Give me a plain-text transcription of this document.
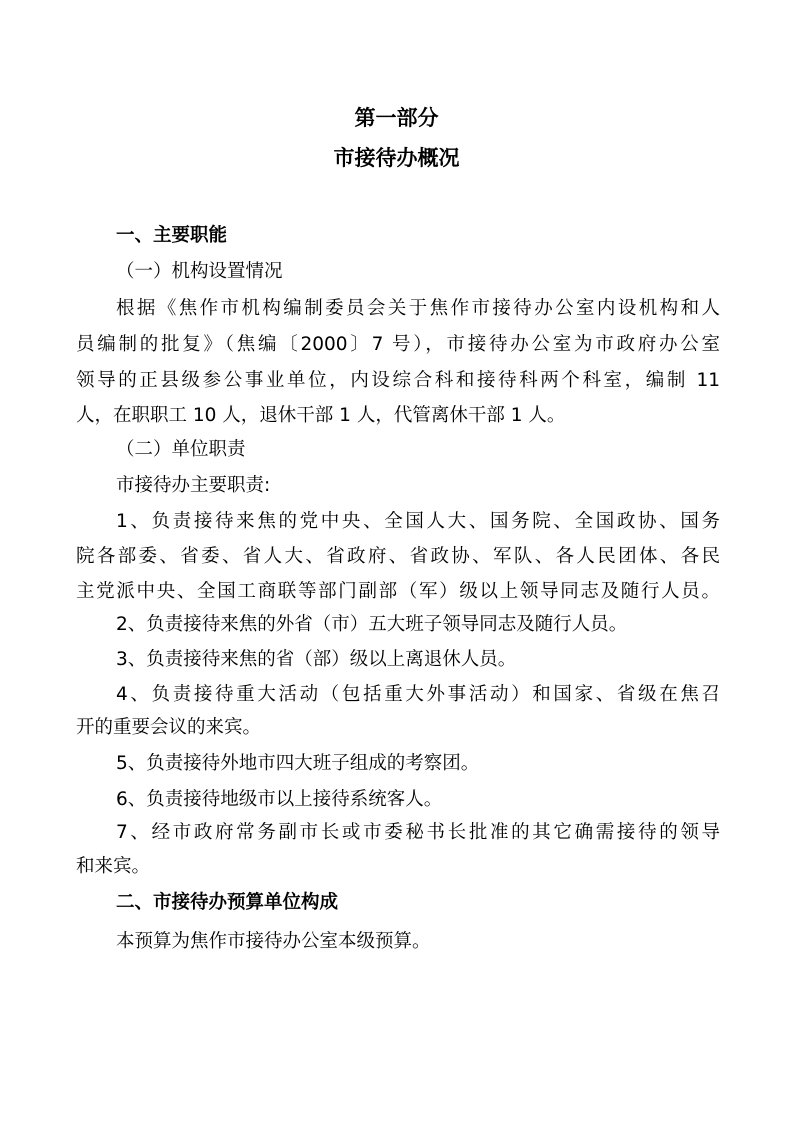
第一部分
市接待办概况

一、主要职能

（一）机构设置情况

根据《焦作市机构编制委员会关于焦作市接待办公室内设机构和人

员编制的批复》（焦编〔2000〕7 号），市接待办公室为市政府办公室

领导的正县级参公事业单位，内设综合科和接待科两个科室，编制 11

人，在职职工 10 人，退休干部 1 人，代管离休干部 1 人。

（二）单位职责

市接待办主要职责:

1、负责接待来焦的党中央、全国人大、国务院、全国政协、国务

院各部委、省委、省人大、省政府、省政协、军队、各人民团体、各民

主党派中央、全国工商联等部门副部（军）级以上领导同志及随行人员。

2、负责接待来焦的外省（市）五大班子领导同志及随行人员。

3、负责接待来焦的省（部）级以上离退休人员。

4、负责接待重大活动（包括重大外事活动）和国家、省级在焦召

开的重要会议的来宾。

5、负责接待外地市四大班子组成的考察团。

6、负责接待地级市以上接待系统客人。

7、经市政府常务副市长或市委秘书长批准的其它确需接待的领导

和来宾。

二、市接待办预算单位构成

本预算为焦作市接待办公室本级预算。
